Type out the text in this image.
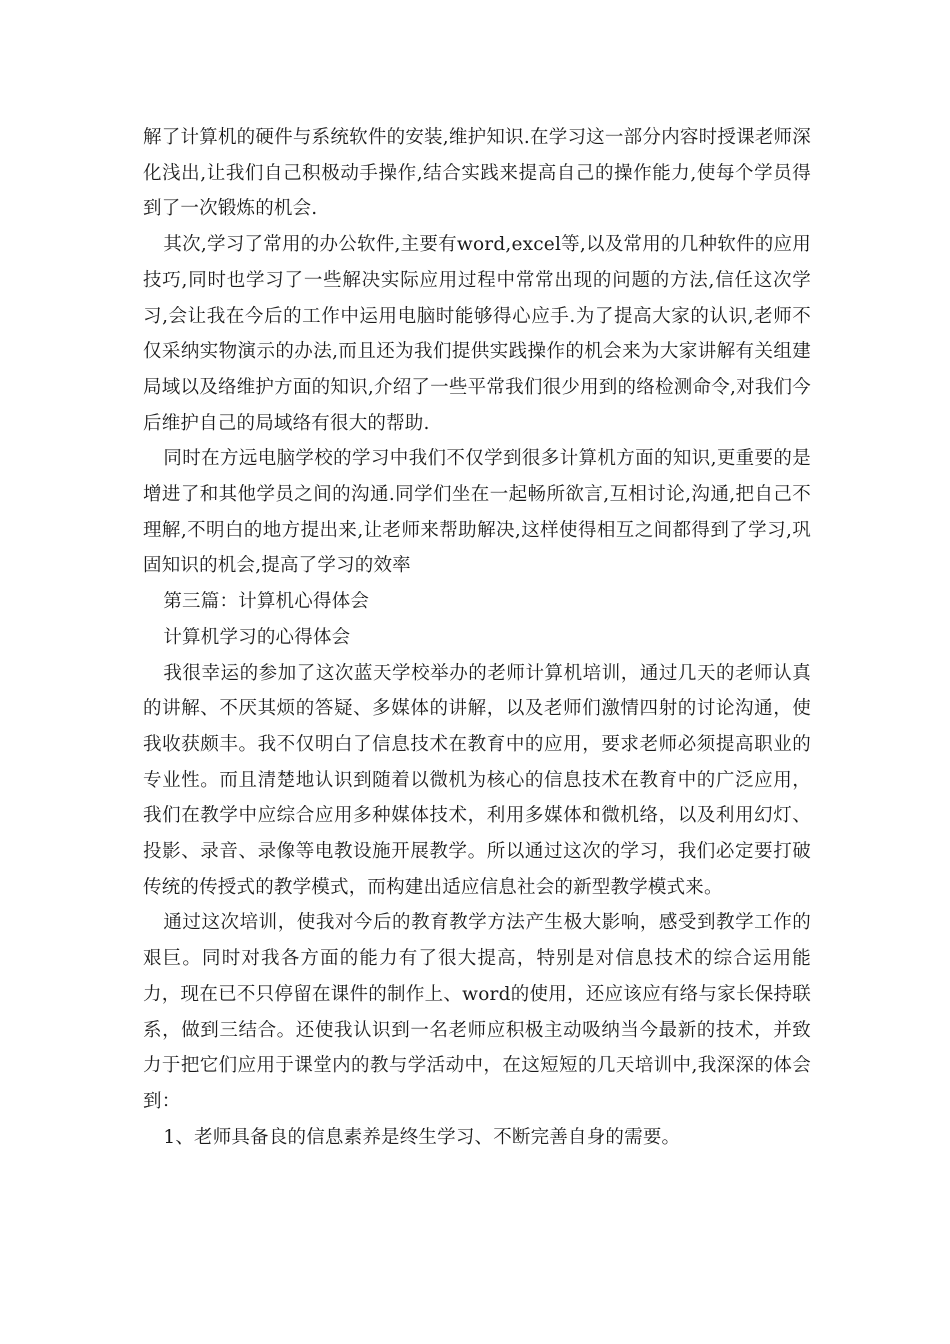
解了计算机的硬件与系统软件的安装,维护知识.在学习这一部分内容时授课老师深化浅出,让我们自己积极动手操作,结合实践来提高自己的操作能力,使每个学员得到了一次锻炼的机会.

其次,学习了常用的办公软件,主要有word,excel等,以及常用的几种软件的应用技巧,同时也学习了一些解决实际应用过程中常常出现的问题的方法,信任这次学习,会让我在今后的工作中运用电脑时能够得心应手.为了提高大家的认识,老师不仅采纳实物演示的办法,而且还为我们提供实践操作的机会来为大家讲解有关组建局域以及络维护方面的知识,介绍了一些平常我们很少用到的络检测命令,对我们今后维护自己的局域络有很大的帮助.

同时在方远电脑学校的学习中我们不仅学到很多计算机方面的知识,更重要的是增进了和其他学员之间的沟通.同学们坐在一起畅所欲言,互相讨论,沟通,把自己不理解,不明白的地方提出来,让老师来帮助解决,这样使得相互之间都得到了学习,巩固知识的机会,提高了学习的效率

第三篇：计算机心得体会

计算机学习的心得体会

我很幸运的参加了这次蓝天学校举办的老师计算机培训，通过几天的老师认真的讲解、不厌其烦的答疑、多媒体的讲解，以及老师们激情四射的讨论沟通，使我收获颇丰。我不仅明白了信息技术在教育中的应用，要求老师必须提高职业的专业性。而且清楚地认识到随着以微机为核心的信息技术在教育中的广泛应用，我们在教学中应综合应用多种媒体技术，利用多媒体和微机络，以及利用幻灯、投影、录音、录像等电教设施开展教学。所以通过这次的学习，我们必定要打破传统的传授式的教学模式，而构建出适应信息社会的新型教学模式来。

通过这次培训，使我对今后的教育教学方法产生极大影响，感受到教学工作的艰巨。同时对我各方面的能力有了很大提高，特别是对信息技术的综合运用能力，现在已不只停留在课件的制作上、word的使用，还应该应有络与家长保持联系，做到三结合。还使我认识到一名老师应积极主动吸纳当今最新的技术，并致力于把它们应用于课堂内的教与学活动中，在这短短的几天培训中,我深深的体会到：

1、老师具备良的信息素养是终生学习、不断完善自身的需要。
